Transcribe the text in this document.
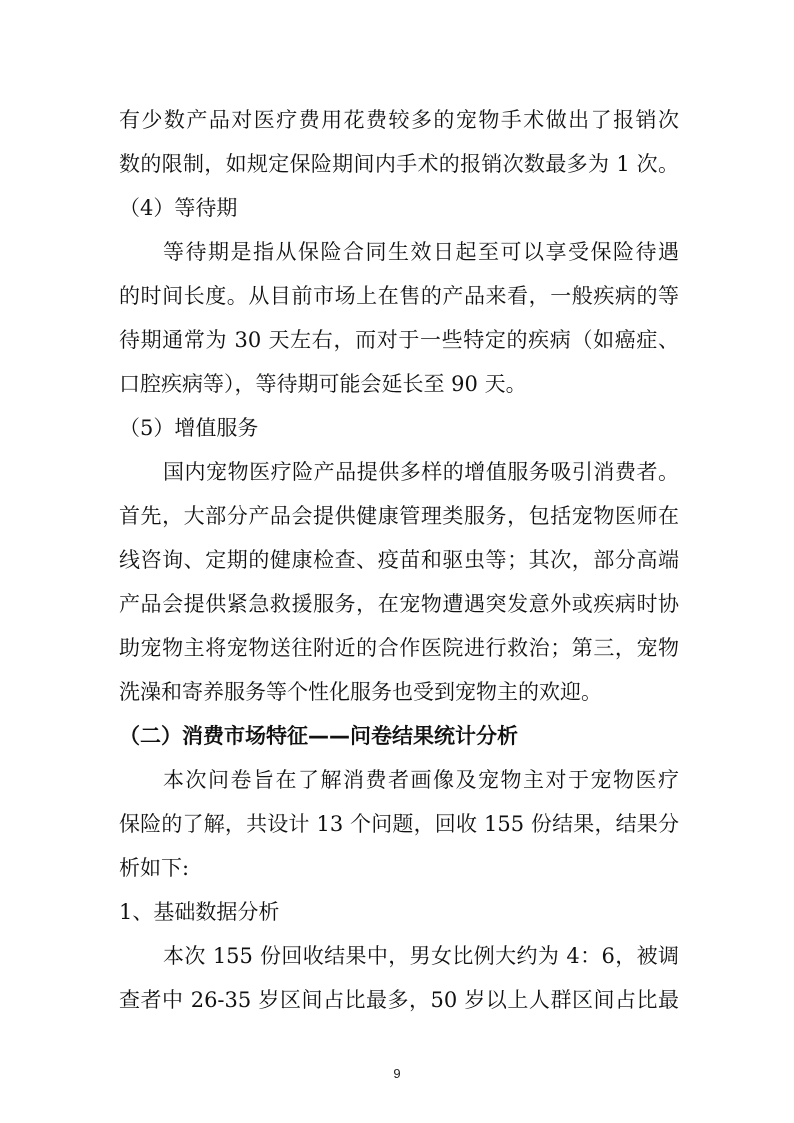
有少数产品对医疗费用花费较多的宠物手术做出了报销次
数的限制，如规定保险期间内手术的报销次数最多为 1 次。
（4）等待期
等待期是指从保险合同生效日起至可以享受保险待遇
的时间长度。从目前市场上在售的产品来看，一般疾病的等
待期通常为 30 天左右，而对于一些特定的疾病（如癌症、
口腔疾病等），等待期可能会延长至 90 天。
（5）增值服务
国内宠物医疗险产品提供多样的增值服务吸引消费者。
首先，大部分产品会提供健康管理类服务，包括宠物医师在
线咨询、定期的健康检查、疫苗和驱虫等；其次，部分高端
产品会提供紧急救援服务，在宠物遭遇突发意外或疾病时协
助宠物主将宠物送往附近的合作医院进行救治；第三，宠物
洗澡和寄养服务等个性化服务也受到宠物主的欢迎。
（二）消费市场特征——问卷结果统计分析
本次问卷旨在了解消费者画像及宠物主对于宠物医疗
保险的了解，共设计 13 个问题，回收 155 份结果，结果分
析如下:
1、基础数据分析
本次 155 份回收结果中，男女比例大约为 4：6，被调
查者中 26-35 岁区间占比最多，50 岁以上人群区间占比最
9
